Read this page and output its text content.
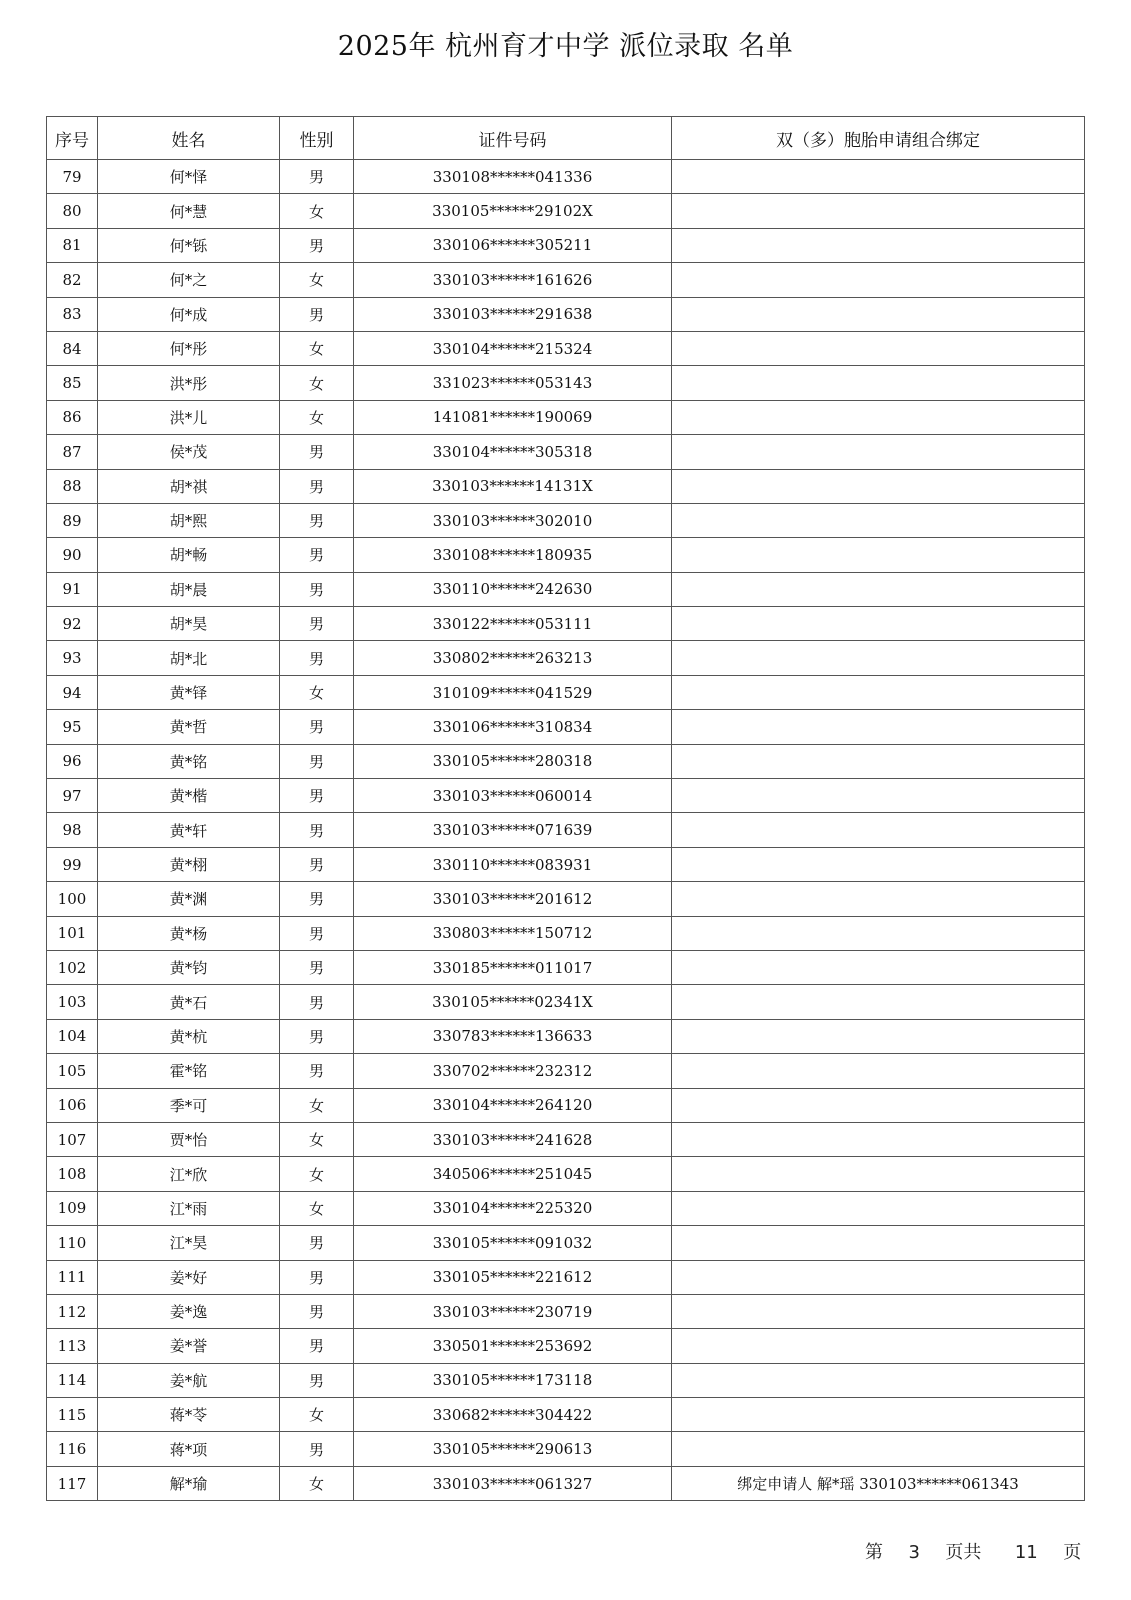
2025年 杭州育才中学 派位录取 名单
序号	姓名	性别	证件号码	双（多）胞胎申请组合绑定
79	何*怿	男	330108******041336	
80	何*慧	女	330105******29102X	
81	何*铄	男	330106******305211	
82	何*之	女	330103******161626	
83	何*成	男	330103******291638	
84	何*彤	女	330104******215324	
85	洪*彤	女	331023******053143	
86	洪*儿	女	141081******190069	
87	侯*茂	男	330104******305318	
88	胡*祺	男	330103******14131X	
89	胡*熙	男	330103******302010	
90	胡*畅	男	330108******180935	
91	胡*晨	男	330110******242630	
92	胡*昊	男	330122******053111	
93	胡*北	男	330802******263213	
94	黄*铎	女	310109******041529	
95	黄*哲	男	330106******310834	
96	黄*铭	男	330105******280318	
97	黄*楷	男	330103******060014	
98	黄*轩	男	330103******071639	
99	黄*栩	男	330110******083931	
100	黄*渊	男	330103******201612	
101	黄*杨	男	330803******150712	
102	黄*钧	男	330185******011017	
103	黄*石	男	330105******02341X	
104	黄*杭	男	330783******136633	
105	霍*铭	男	330702******232312	
106	季*可	女	330104******264120	
107	贾*怡	女	330103******241628	
108	江*欣	女	340506******251045	
109	江*雨	女	330104******225320	
110	江*昊	男	330105******091032	
111	姜*好	男	330105******221612	
112	姜*逸	男	330103******230719	
113	姜*誉	男	330501******253692	
114	姜*航	男	330105******173118	
115	蒋*苓	女	330682******304422	
116	蒋*项	男	330105******290613	
117	解*瑜	女	330103******061327	绑定申请人 解*瑶 330103******061343
第 3 页共 11 页
